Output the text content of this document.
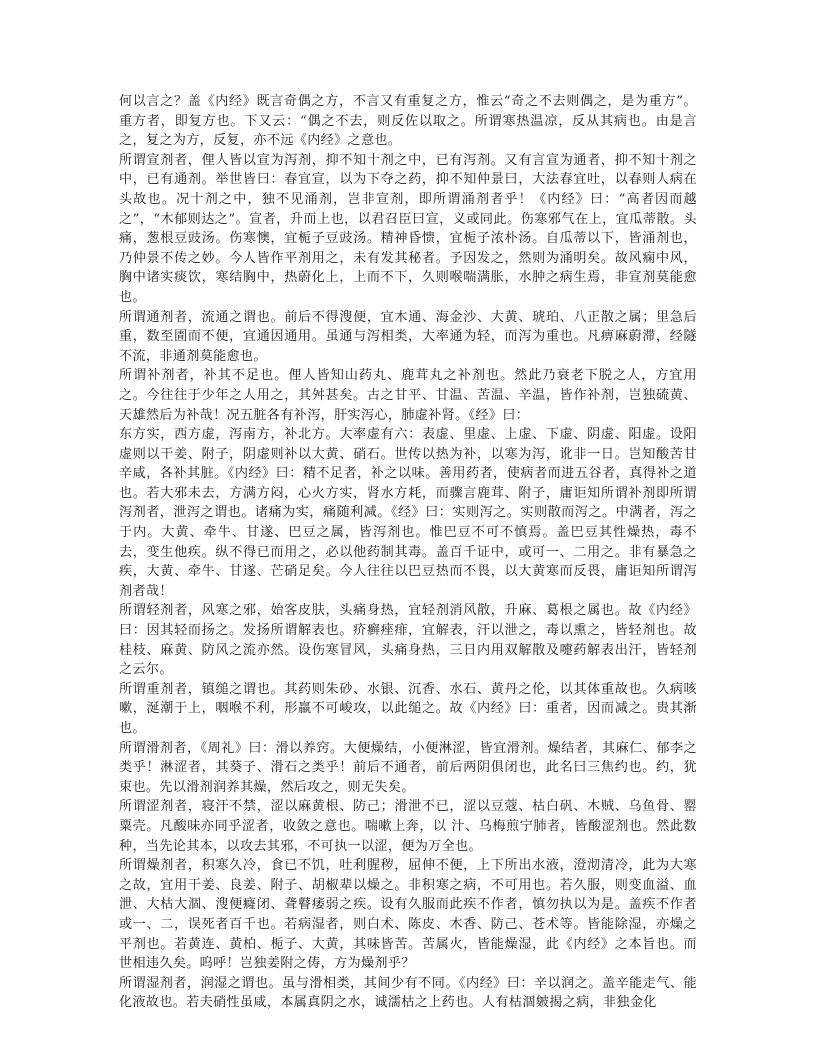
何以言之？盖《内经》既言奇偶之方，不言又有重复之方，惟云“奇之不去则偶之，是为重方”。重方者，即复方也。下又云：“偶之不去，则反佐以取之。所谓寒热温凉，反从其病也。由是言之，复之为方，反复，亦不远《内经》之意也。

所谓宣剂者，俚人皆以宣为泻剂，抑不知十剂之中，已有泻剂。又有言宣为通者，抑不知十剂之中，已有通剂。举世皆曰：春宜宣，以为下夺之药，抑不知仲景曰，大法春宜吐，以春则人病在头故也。况十剂之中，独不见涌剂，岂非宣剂，即所谓涌剂者乎！《内经》曰：“高者因而越之”，“木郁则达之”。宣者，升而上也，以君召臣曰宣，义或同此。伤寒邪气在上，宜瓜蒂散。头痛，葱根豆豉汤。伤寒懊，宜栀子豆豉汤。精神昏愦，宜栀子浓朴汤。自瓜蒂以下，皆涌剂也，乃仲景不传之妙。今人皆作平剂用之，未有发其秘者。予因发之，然则为涌明矣。故风痫中风，胸中诸实痰饮，寒结胸中，热蔚化上，上而不下，久则喉喘满胀，水肿之病生焉，非宣剂莫能愈也。

所谓通剂者，流通之谓也。前后不得溲便，宜木通、海金沙、大黄、琥珀、八正散之属；里急后重，数至圊而不便，宜通因通用。虽通与泻相类，大率通为轻，而泻为重也。凡痹麻蔚滞，经隧不流，非通剂莫能愈也。

所谓补剂者，补其不足也。俚人皆知山药丸、鹿茸丸之补剂也。然此乃衰老下脱之人，方宜用之。今往往于少年之人用之，其舛甚矣。古之甘平、甘温、苦温、辛温，皆作补剂，岂独硫黄、天雄然后为补哉！况五脏各有补泻，肝实泻心，肺虚补肾。《经》曰：

东方实，西方虚，泻南方，补北方。大率虚有六：表虚、里虚、上虚、下虚、阴虚、阳虚。设阳虚则以干姜、附子，阴虚则补以大黄、硝石。世传以热为补，以寒为泻，讹非一日。岂知酸苦甘辛咸，各补其脏。《内经》曰：精不足者，补之以味。善用药者，使病者而进五谷者，真得补之道也。若大邪未去，方满方闷，心火方实，肾水方耗，而骤言鹿茸、附子，庸讵知所谓补剂即所谓泻剂者，泄泻之谓也。诸痛为实，痛随利减。《经》曰：实则泻之。实则散而泻之。中满者，泻之于内。大黄、牵牛、甘遂、巴豆之属，皆泻剂也。惟巴豆不可不慎焉。盖巴豆其性燥热，毒不去，变生他疾。纵不得已而用之，必以他药制其毒。盖百千证中，或可一、二用之。非有暴急之疾，大黄、牵牛、甘遂、芒硝足矣。今人往往以巴豆热而不畏，以大黄寒而反畏，庸讵知所谓泻剂者哉！

所谓轻剂者，风寒之邪，始客皮肤，头痛身热，宜轻剂消风散，升麻、葛根之属也。故《内经》曰：因其轻而扬之。发扬所谓解表也。疥癣痤痱，宜解表，汗以泄之，毒以熏之，皆轻剂也。故桂枝、麻黄、防风之流亦然。设伤寒冒风，头痛身热，三日内用双解散及嚏药解表出汗，皆轻剂之云尔。

所谓重剂者，镇缒之谓也。其药则朱砂、水银、沉香、水石、黄丹之伦，以其体重故也。久病咳嗽，涎潮于上，咽喉不利，形羸不可峻攻，以此缒之。故《内经》曰：重者，因而减之。贵其渐也。

所谓滑剂者，《周礼》曰：滑以养窍。大便燥结，小便淋涩，皆宜滑剂。燥结者，其麻仁、郁李之类乎！淋涩者，其葵子、滑石之类乎！前后不通者，前后两阴俱闭也，此名曰三焦约也。约，犹束也。先以滑剂润养其燥，然后攻之，则无失矣。

所谓涩剂者，寝汗不禁，涩以麻黄根、防己；滑泄不已，涩以豆蔻、枯白矾、木贼、乌鱼骨、罂粟壳。凡酸味亦同乎涩者，收敛之意也。喘嗽上奔，以 汁、乌梅煎宁肺者，皆酸涩剂也。然此数种，当先论其本，以攻去其邪，不可执一以涩，便为万全也。

所谓燥剂者，积寒久冷，食已不饥，吐利腥秽，屈伸不便，上下所出水液，澄沏清冷，此为大寒之故，宜用干姜、良姜、附子、胡椒辈以燥之。非积寒之病，不可用也。若久服，则变血溢、血泄、大枯大涸、溲便癃闭、聋瞽痿弱之疾。设有久服而此疾不作者，慎勿执以为是。盖疾不作者或一、二，误死者百千也。若病湿者，则白术、陈皮、木香、防己、苍术等。皆能除湿，亦燥之平剂也。若黄连、黄柏、栀子、大黄，其味皆苦。苦属火，皆能燥湿，此《内经》之本旨也。而世相违久矣。呜呼！岂独姜附之俦，方为燥剂乎？

所谓湿剂者，润湿之谓也。虽与滑相类，其间少有不同。《内经》曰：辛以润之。盖辛能走气、能化液故也。若夫硝性虽咸，本属真阴之水，诚濡枯之上药也。人有枯涸皴揭之病，非独金化
